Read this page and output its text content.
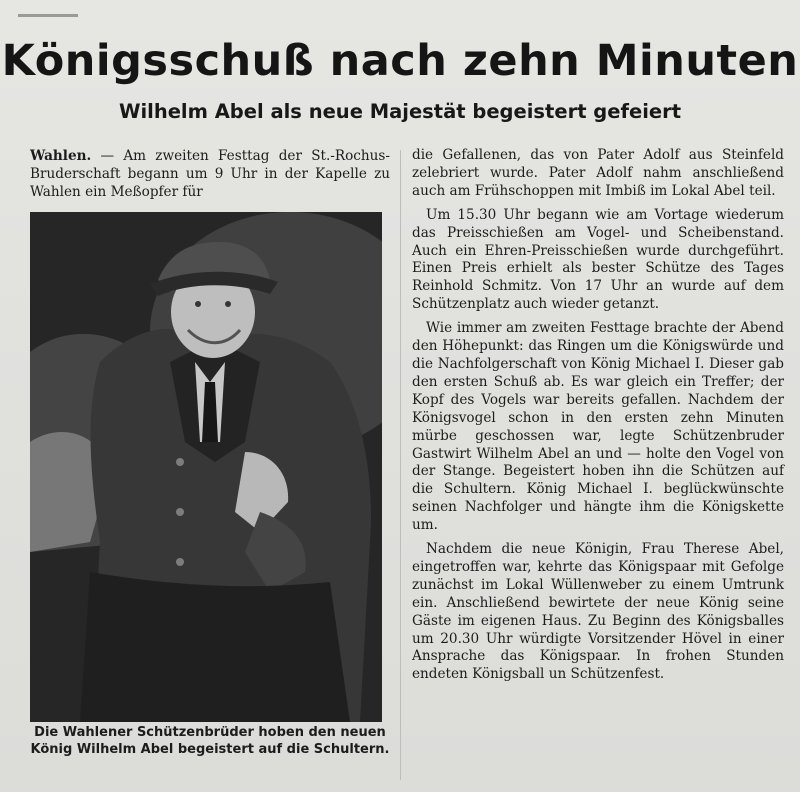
Königsschuß nach zehn Minuten
Wilhelm Abel als neue Majestät begeistert gefeiert
Wahlen. — Am zweiten Festtag der St.-Rochus-Bruderschaft begann um 9 Uhr in der Kapelle zu Wahlen ein Meßopfer für
Die Wahlener Schützenbrüder hoben den neuen König Wilhelm Abel begeistert auf die Schultern.

die Gefallenen, das von Pater Adolf aus Steinfeld zelebriert wurde. Pater Adolf nahm anschließend auch am Frühschoppen mit Imbiß im Lokal Abel teil.

Um 15.30 Uhr begann wie am Vortage wiederum das Preisschießen am Vogel- und Scheibenstand. Auch ein Ehren-Preisschießen wurde durchgeführt. Einen Preis erhielt als bester Schütze des Tages Reinhold Schmitz. Von 17 Uhr an wurde auf dem Schützenplatz auch wieder getanzt.

Wie immer am zweiten Festtage brachte der Abend den Höhepunkt: das Ringen um die Königswürde und die Nachfolgerschaft von König Michael I. Dieser gab den ersten Schuß ab. Es war gleich ein Treffer; der Kopf des Vogels war bereits gefallen. Nachdem der Königsvogel schon in den ersten zehn Minuten mürbe geschossen war, legte Schützenbruder Gastwirt Wilhelm Abel an und — holte den Vogel von der Stange. Begeistert hoben ihn die Schützen auf die Schultern. König Michael I. beglückwünschte seinen Nachfolger und hängte ihm die Königskette um.

Nachdem die neue Königin, Frau Therese Abel, eingetroffen war, kehrte das Königspaar mit Gefolge zunächst im Lokal Wüllenweber zu einem Umtrunk ein. Anschließend bewirtete der neue König seine Gäste im eigenen Haus. Zu Beginn des Königsballes um 20.30 Uhr würdigte Vorsitzender Hövel in einer Ansprache das Königspaar. In frohen Stunden endeten Königsball un Schützenfest.
